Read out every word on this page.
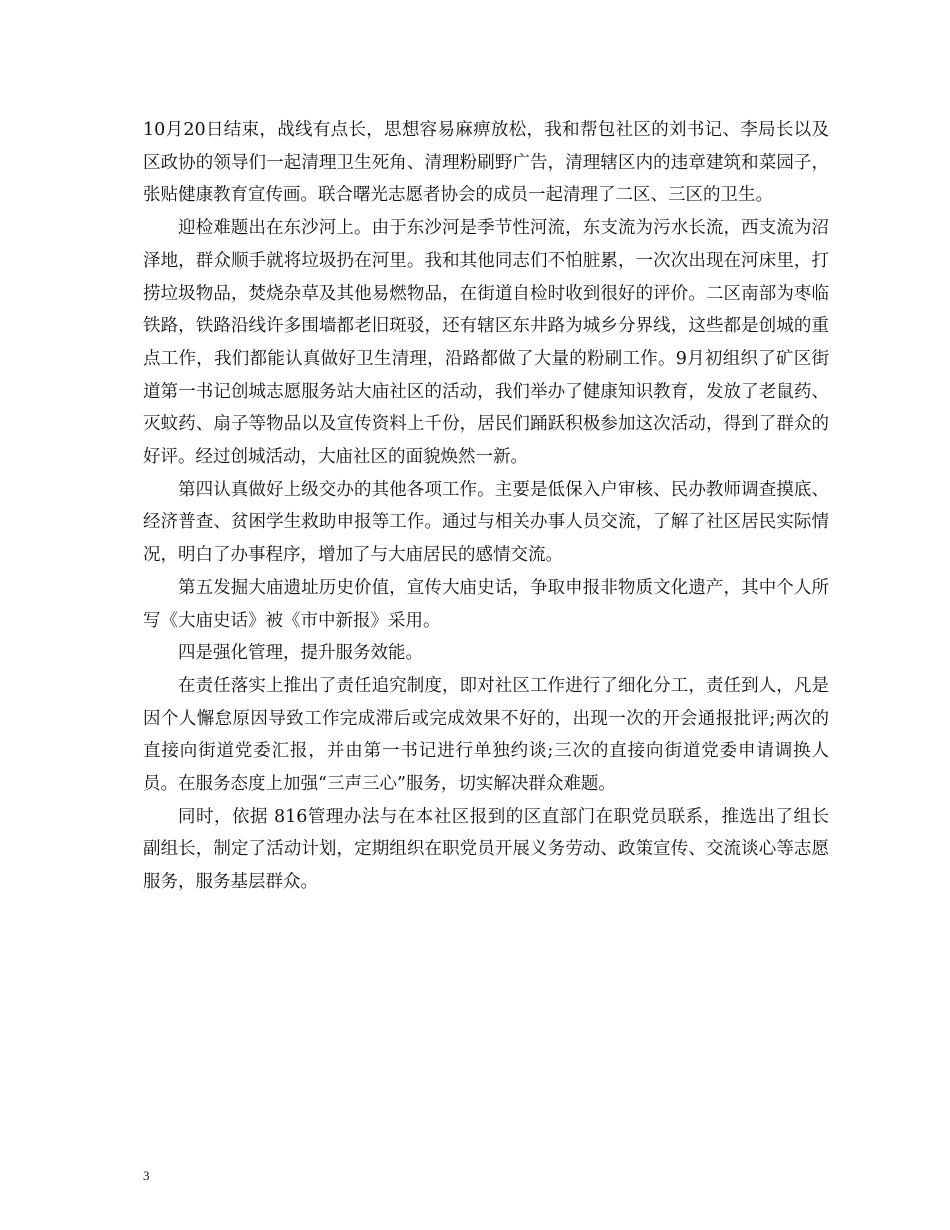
10月20日结束，战线有点长，思想容易麻痹放松，我和帮包社区的刘书记、李局长以及区政协的领导们一起清理卫生死角、清理粉刷野广告，清理辖区内的违章建筑和菜园子，张贴健康教育宣传画。联合曙光志愿者协会的成员一起清理了二区、三区的卫生。

迎检难题出在东沙河上。由于东沙河是季节性河流，东支流为污水长流，西支流为沼泽地，群众顺手就将垃圾扔在河里。我和其他同志们不怕脏累，一次次出现在河床里，打捞垃圾物品，焚烧杂草及其他易燃物品，在街道自检时收到很好的评价。二区南部为枣临铁路，铁路沿线许多围墙都老旧斑驳，还有辖区东井路为城乡分界线，这些都是创城的重点工作，我们都能认真做好卫生清理，沿路都做了大量的粉刷工作。9月初组织了矿区街道第一书记创城志愿服务站大庙社区的活动，我们举办了健康知识教育，发放了老鼠药、灭蚊药、扇子等物品以及宣传资料上千份，居民们踊跃积极参加这次活动，得到了群众的好评。经过创城活动，大庙社区的面貌焕然一新。

第四认真做好上级交办的其他各项工作。主要是低保入户审核、民办教师调查摸底、经济普查、贫困学生救助申报等工作。通过与相关办事人员交流，了解了社区居民实际情况，明白了办事程序，增加了与大庙居民的感情交流。

第五发掘大庙遗址历史价值，宣传大庙史话，争取申报非物质文化遗产，其中个人所写《大庙史话》被《市中新报》采用。

四是强化管理，提升服务效能。

在责任落实上推出了责任追究制度，即对社区工作进行了细化分工，责任到人，凡是因个人懈怠原因导致工作完成滞后或完成效果不好的，出现一次的开会通报批评;两次的直接向街道党委汇报，并由第一书记进行单独约谈;三次的直接向街道党委申请调换人员。在服务态度上加强“三声三心”服务，切实解决群众难题。

同时，依据 816管理办法与在本社区报到的区直部门在职党员联系，推选出了组长副组长，制定了活动计划，定期组织在职党员开展义务劳动、政策宣传、交流谈心等志愿服务，服务基层群众。

3
